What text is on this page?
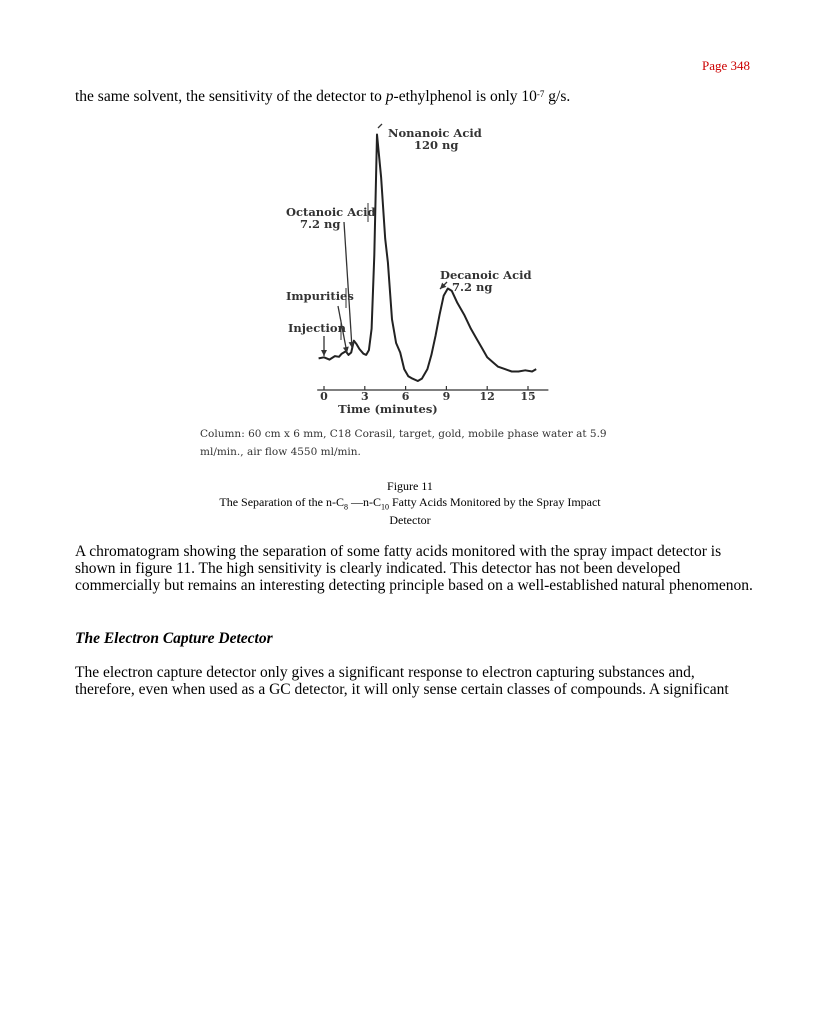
Page 348

the same solvent, the sensitivity of the detector to p-ethylphenol is only $10^{-7}$ g/s.

0	3	6	9	12 15
Nonanoic Acid
120 ng
Octanoic Acid
7.2 ng
Decanoic Acid
7.2 ng
Impurities
Injection
Time (minutes)
Column: 60 cm x 6 mm, C18 Corasil, target, gold, mobile phase water at 5.9 ml/min., air flow 4550 ml/min.
Figure 11
The Separation of the $n-C_8$ $—n-C_{10}$ Fatty Acids Monitored by the Spray Impact
Detector

A chromatogram showing the separation of some fatty acids monitored with the spray impact detector is shown in figure 11. The high sensitivity is clearly indicated. This detector has not been developed commercially but remains an interesting detecting principle based on a well-established natural phenomenon.

The Electron Capture Detector

The electron capture detector only gives a significant response to electron capturing substances and, therefore, even when used as a GC detector, it will only sense certain classes of compounds. A significant
